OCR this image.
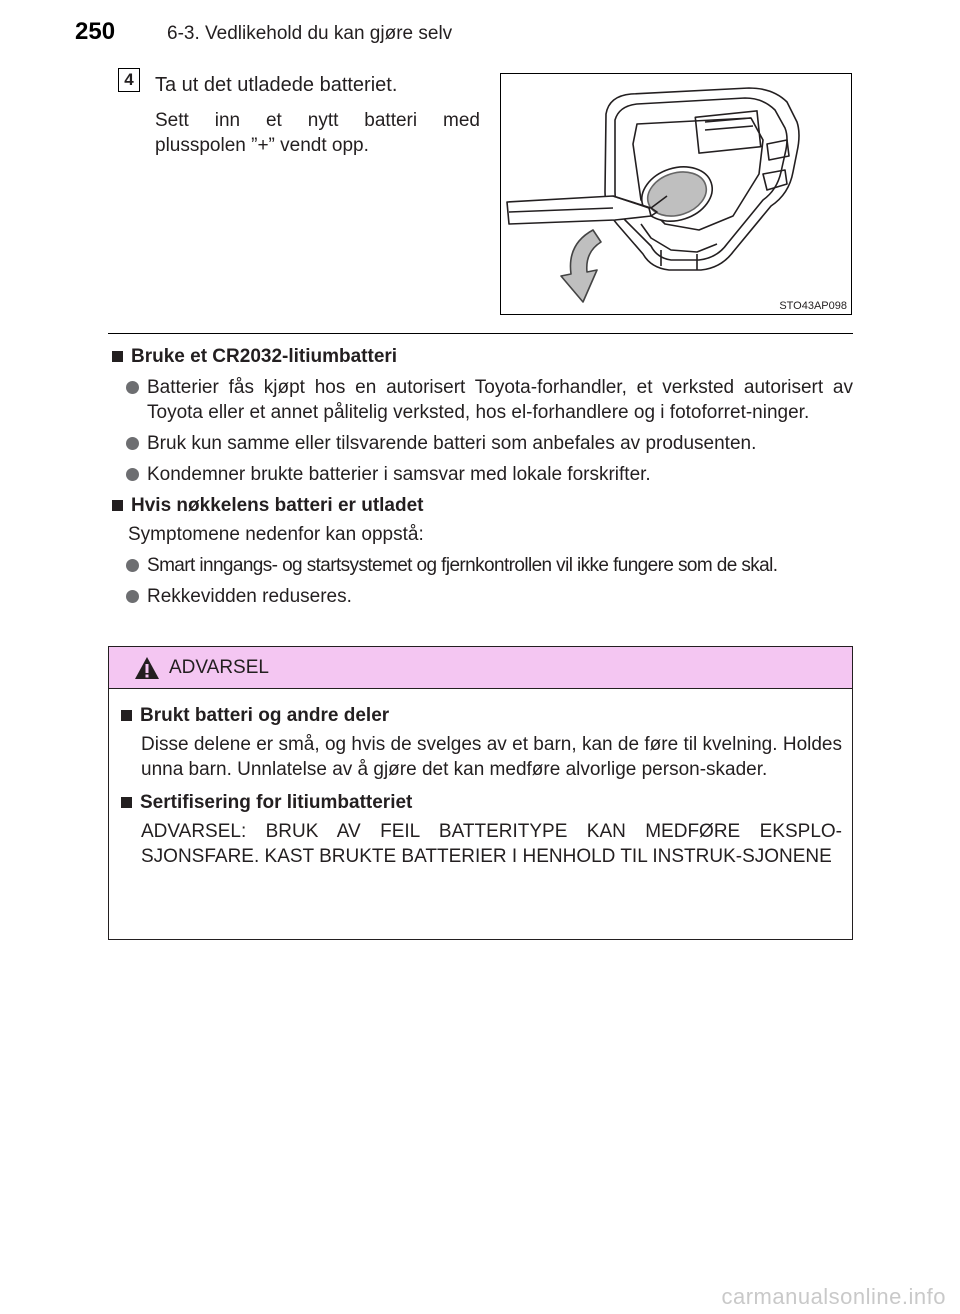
250	6-3. Vedlikehold du kan gjøre selv
4	Ta ut det utladede batteriet.
Sett inn et nytt batteri med
plusspolen ”+” vendt opp.
STO43AP098
Bruke et CR2032-litiumbatteri
Batterier fås kjøpt hos en autorisert Toyota-forhandler, et verksted autorisert av Toyota eller et annet pålitelig verksted, hos el-forhandlere og i fotoforret-ninger.
Bruk kun samme eller tilsvarende batteri som anbefales av produsenten.
Kondemner brukte batterier i samsvar med lokale forskrifter.
Hvis nøkkelens batteri er utladet
Symptomene nedenfor kan oppstå:
Smart inngangs- og startsystemet og fjernkontrollen vil ikke fungere som de skal.
Rekkevidden reduseres.
ADVARSEL
Brukt batteri og andre deler
Disse delene er små, og hvis de svelges av et barn, kan de føre til kvelning. Holdes unna barn. Unnlatelse av å gjøre det kan medføre alvorlige person-skader.
Sertifisering for litiumbatteriet
ADVARSEL: BRUK AV FEIL BATTERITYPE KAN MEDFØRE EKSPLO-SJONSFARE. KAST BRUKTE BATTERIER I HENHOLD TIL INSTRUK-SJONENE
carmanualsonline.info
